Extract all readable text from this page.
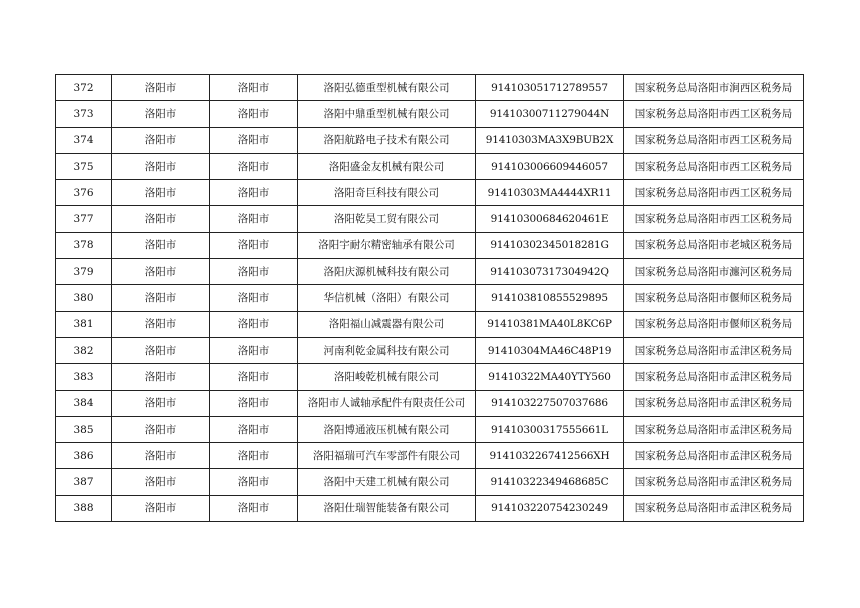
372	洛阳市	洛阳市	洛阳弘德重型机械有限公司	914103051712789557	国家税务总局洛阳市涧西区税务局
373	洛阳市	洛阳市	洛阳中鼎重型机械有限公司	91410300711279044N	国家税务总局洛阳市西工区税务局
374	洛阳市	洛阳市	洛阳航路电子技术有限公司	91410303MA3X9BUB2X	国家税务总局洛阳市西工区税务局
375	洛阳市	洛阳市	洛阳盛金友机械有限公司	914103006609446057	国家税务总局洛阳市西工区税务局
376	洛阳市	洛阳市	洛阳奇巨科技有限公司	91410303MA4444XR11	国家税务总局洛阳市西工区税务局
377	洛阳市	洛阳市	洛阳乾昊工贸有限公司	91410300684620461E	国家税务总局洛阳市西工区税务局
378	洛阳市	洛阳市	洛阳宇耐尔精密轴承有限公司	91410302345018281G	国家税务总局洛阳市老城区税务局
379	洛阳市	洛阳市	洛阳庆源机械科技有限公司	91410307317304942Q	国家税务总局洛阳市瀍河区税务局
380	洛阳市	洛阳市	华信机械（洛阳）有限公司	914103810855529895	国家税务总局洛阳市偃师区税务局
381	洛阳市	洛阳市	洛阳福山减震器有限公司	91410381MA40L8KC6P	国家税务总局洛阳市偃师区税务局
382	洛阳市	洛阳市	河南利乾金属科技有限公司	91410304MA46C48P19	国家税务总局洛阳市孟津区税务局
383	洛阳市	洛阳市	洛阳峻乾机械有限公司	91410322MA40YTY560	国家税务总局洛阳市孟津区税务局
384	洛阳市	洛阳市	洛阳市人诚轴承配件有限责任公司	914103227507037686	国家税务总局洛阳市孟津区税务局
385	洛阳市	洛阳市	洛阳博通液压机械有限公司	91410300317555661L	国家税务总局洛阳市孟津区税务局
386	洛阳市	洛阳市	洛阳福瑞可汽车零部件有限公司	91410322674125​66XH	国家税务总局洛阳市孟津区税务局
387	洛阳市	洛阳市	洛阳中天建工机械有限公司	91410322349468685C	国家税务总局洛阳市孟津区税务局
388	洛阳市	洛阳市	洛阳仕瑞智能装备有限公司	914103220754230249	国家税务总局洛阳市孟津区税务局
